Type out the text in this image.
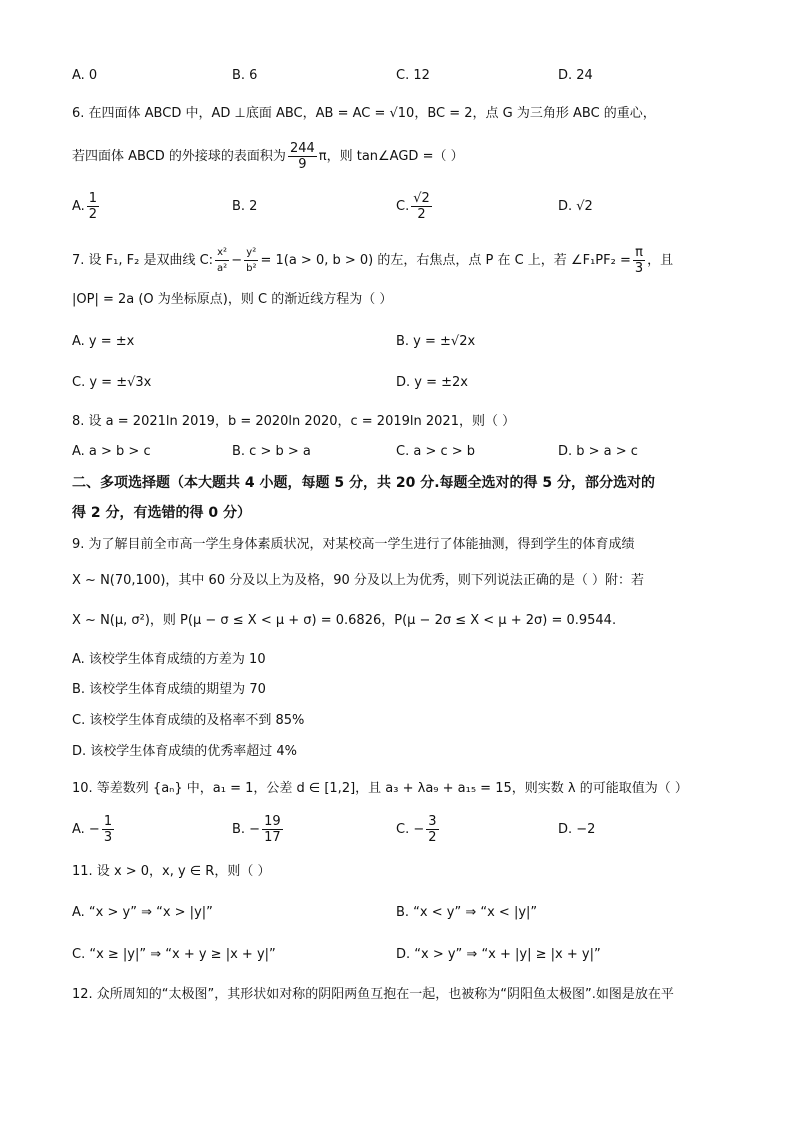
A. 0	B. 6	C. 12	D. 24
6. 在四面体 ABCD 中，AD ⊥底面 ABC，AB = AC = √10，BC = 2，点 G 为三角形 ABC 的重心，
若四面体 ABCD 的外接球的表面积为 $\frac{244}{9}$ π，则 tan∠AGD =（ ）
A. $\frac{1}{2}$	B. 2	C. $\frac{√2}{2}$	D. √2
7. 设 F₁, F₂ 是双曲线 C: $\frac{\text{x²}}{\text{a²}} - \frac{\text{y²}}{\text{b²}} = 1(a > 0$, b > 0) 的左，右焦点，点 P 在 C 上，若 ∠F₁PF₂ = $\frac{\pi}{3}$ ，且
|OP| = 2a (O 为坐标原点)，则 C 的渐近线方程为（ ）
A. y = ±x	B. y = ±√2x
C. y = ±√3x	D. y = ±2x
8. 设 a = 2021ln 2019，b = 2020ln 2020，c = 2019ln 2021，则（ ）
A. a > b > c	B. c > b > a	C. a > c > b	D. b > a > c
二、多项选择题（本大题共 4 小题，每题 5 分，共 20 分.每题全选对的得 5 分，部分选对的
得 2 分，有选错的得 0 分）
9. 为了解目前全市高一学生身体素质状况，对某校高一学生进行了体能抽测，得到学生的体育成绩
X ~ N(70,100)，其中 60 分及以上为及格，90 分及以上为优秀，则下列说法正确的是（ ）附：若
X ~ N(μ, σ²)，则 P(μ − σ ≤ X < μ + σ) = 0.6826，P(μ − 2σ ≤ X < μ + 2σ) = 0.9544.
A. 该校学生体育成绩的方差为 10
B. 该校学生体育成绩的期望为 70
C. 该校学生体育成绩的及格率不到 85%
D. 该校学生体育成绩的优秀率超过 4%
10. 等差数列 {aₙ} 中，a₁ = 1，公差 d ∈ [1,2]，且 a₃ + λa₉ + a₁₅ = 15，则实数 λ 的可能取值为（ ）
A. − $\frac{1}{3}$	B. − $\frac{19}{17}$	C. − $\frac{3}{2}$	D. −2
11. 设 x > 0，x, y ∈ R，则（ ）
A. “x > y” ⇒ “x > |y|”	B. “x < y” ⇒ “x < |y|”
C. “x ≥ |y|” ⇒ “x + y ≥ |x + y|”	D. “x > y” ⇒ “x + |y| ≥ |x + y|”
12. 众所周知的“太极图”，其形状如对称的阴阳两鱼互抱在一起，也被称为“阴阳鱼太极图”.如图是放在平
